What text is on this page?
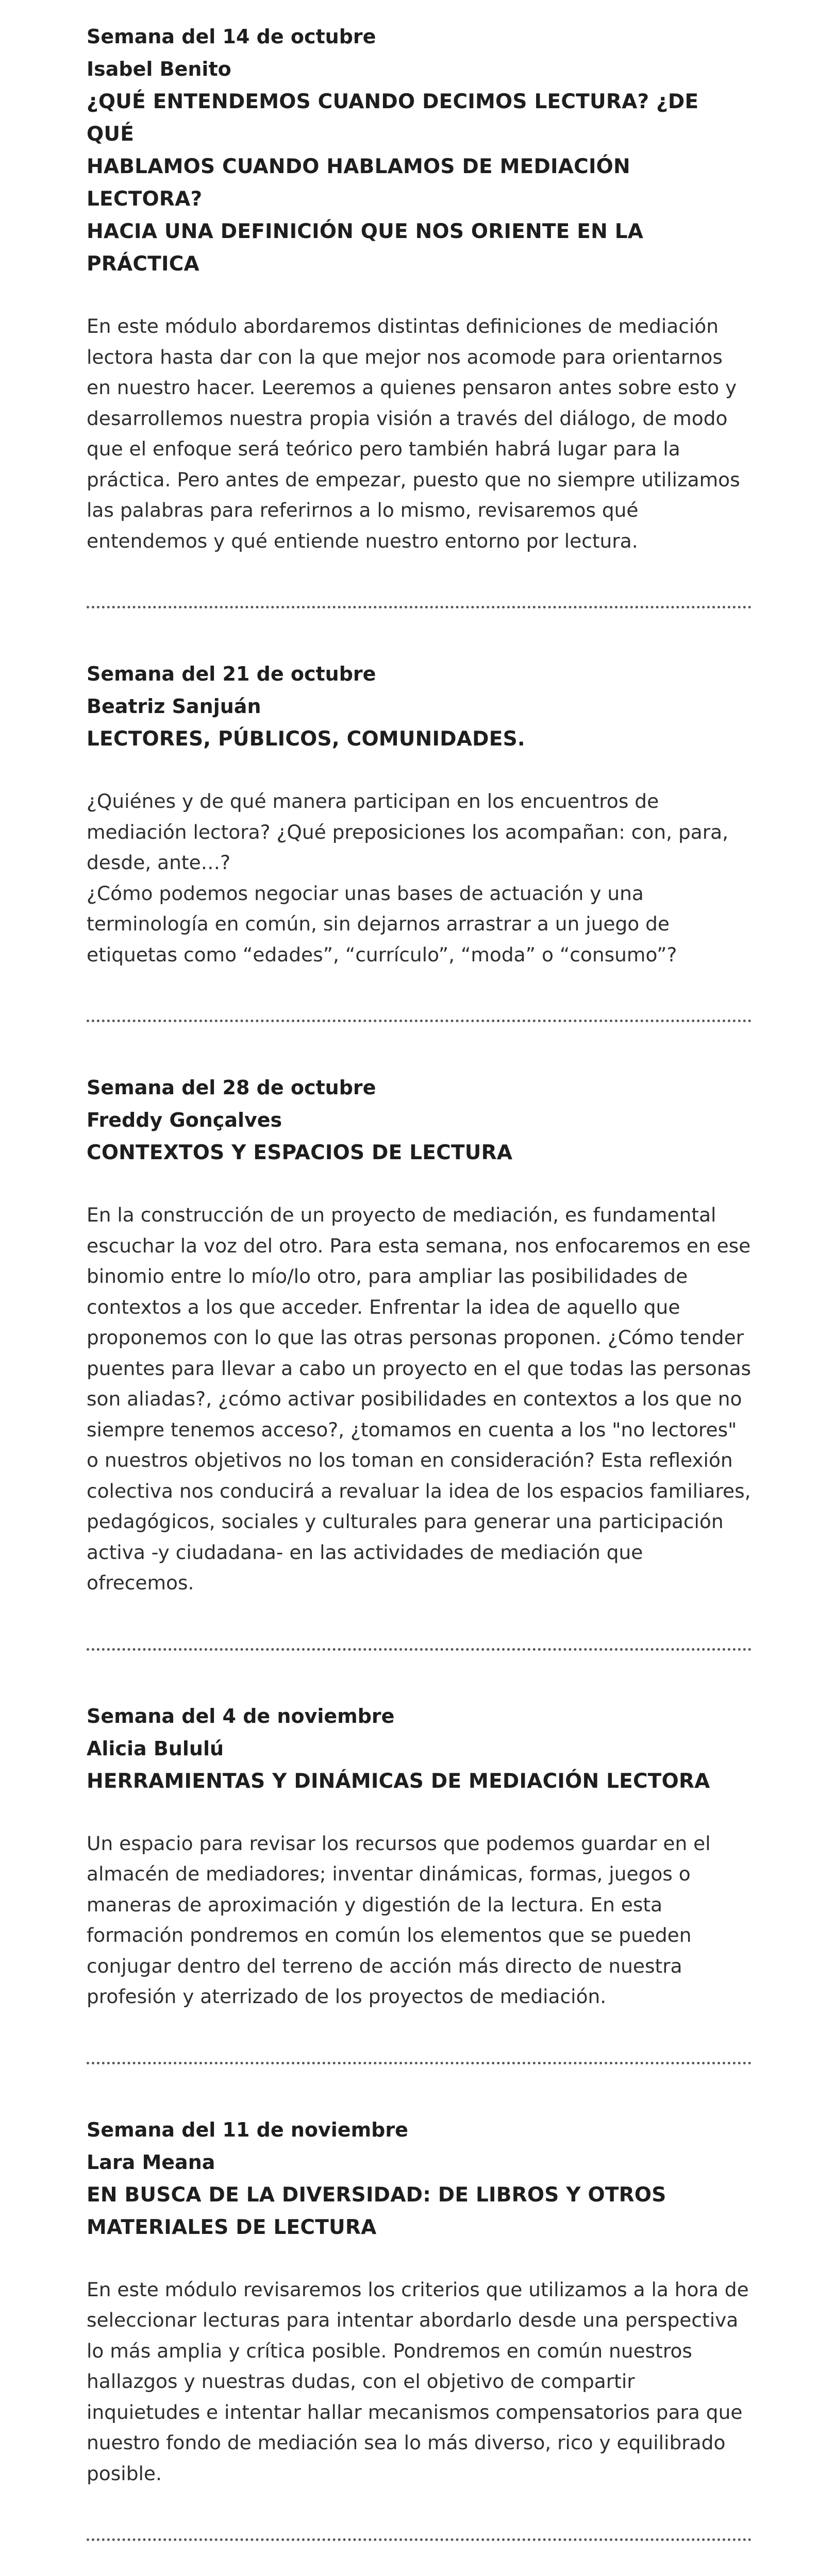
Semana del 14 de octubre
Isabel Benito
¿QUÉ ENTENDEMOS CUANDO DECIMOS LECTURA? ¿DE QUÉ
HABLAMOS CUANDO HABLAMOS DE MEDIACIÓN LECTORA?
HACIA UNA DEFINICIÓN QUE NOS ORIENTE EN LA PRÁCTICA

En este módulo abordaremos distintas definiciones de mediación lectora hasta dar con la que mejor nos acomode para orientarnos en nuestro hacer. Leeremos a quienes pensaron antes sobre esto y desarrollemos nuestra propia visión a través del diálogo, de modo que el enfoque será teórico pero también habrá lugar para la práctica. Pero antes de empezar, puesto que no siempre utilizamos las palabras para referirnos a lo mismo, revisaremos qué entendemos y qué entiende nuestro entorno por lectura.

Semana del 21 de octubre
Beatriz Sanjuán
LECTORES, PÚBLICOS, COMUNIDADES.

¿Quiénes y de qué manera participan en los encuentros de mediación lectora? ¿Qué preposiciones los acompañan: con, para, desde, ante…?
¿Cómo podemos negociar unas bases de actuación y una terminología en común, sin dejarnos arrastrar a un juego de etiquetas como “edades”, “currículo”, “moda” o “consumo”?

Semana del 28 de octubre
Freddy Gonçalves
CONTEXTOS Y ESPACIOS DE LECTURA

En la construcción de un proyecto de mediación, es fundamental escuchar la voz del otro. Para esta semana, nos enfocaremos en ese binomio entre lo mío/lo otro, para ampliar las posibilidades de contextos a los que acceder. Enfrentar la idea de aquello que proponemos con lo que las otras personas proponen. ¿Cómo tender puentes para llevar a cabo un proyecto en el que todas las personas son aliadas?, ¿cómo activar posibilidades en contextos a los que no siempre tenemos acceso?, ¿tomamos en cuenta a los "no lectores" o nuestros objetivos no los toman en consideración? Esta reflexión colectiva nos conducirá a revaluar la idea de los espacios familiares, pedagógicos, sociales y culturales para generar una participación activa -y ciudadana- en las actividades de mediación que ofrecemos.

Semana del 4 de noviembre
Alicia Bululú
HERRAMIENTAS Y DINÁMICAS DE MEDIACIÓN LECTORA

Un espacio para revisar los recursos que podemos guardar en el almacén de mediadores; inventar dinámicas, formas, juegos o maneras de aproximación y digestión de la lectura. En esta formación pondremos en común los elementos que se pueden conjugar dentro del terreno de acción más directo de nuestra profesión y aterrizado de los proyectos de mediación.

Semana del 11 de noviembre
Lara Meana
EN BUSCA DE LA DIVERSIDAD: DE LIBROS Y OTROS
MATERIALES DE LECTURA

En este módulo revisaremos los criterios que utilizamos a la hora de seleccionar lecturas para intentar abordarlo desde una perspectiva lo más amplia y crítica posible. Pondremos en común nuestros hallazgos y nuestras dudas, con el objetivo de compartir inquietudes e intentar hallar mecanismos compensatorios para que nuestro fondo de mediación sea lo más diverso, rico y equilibrado posible.
